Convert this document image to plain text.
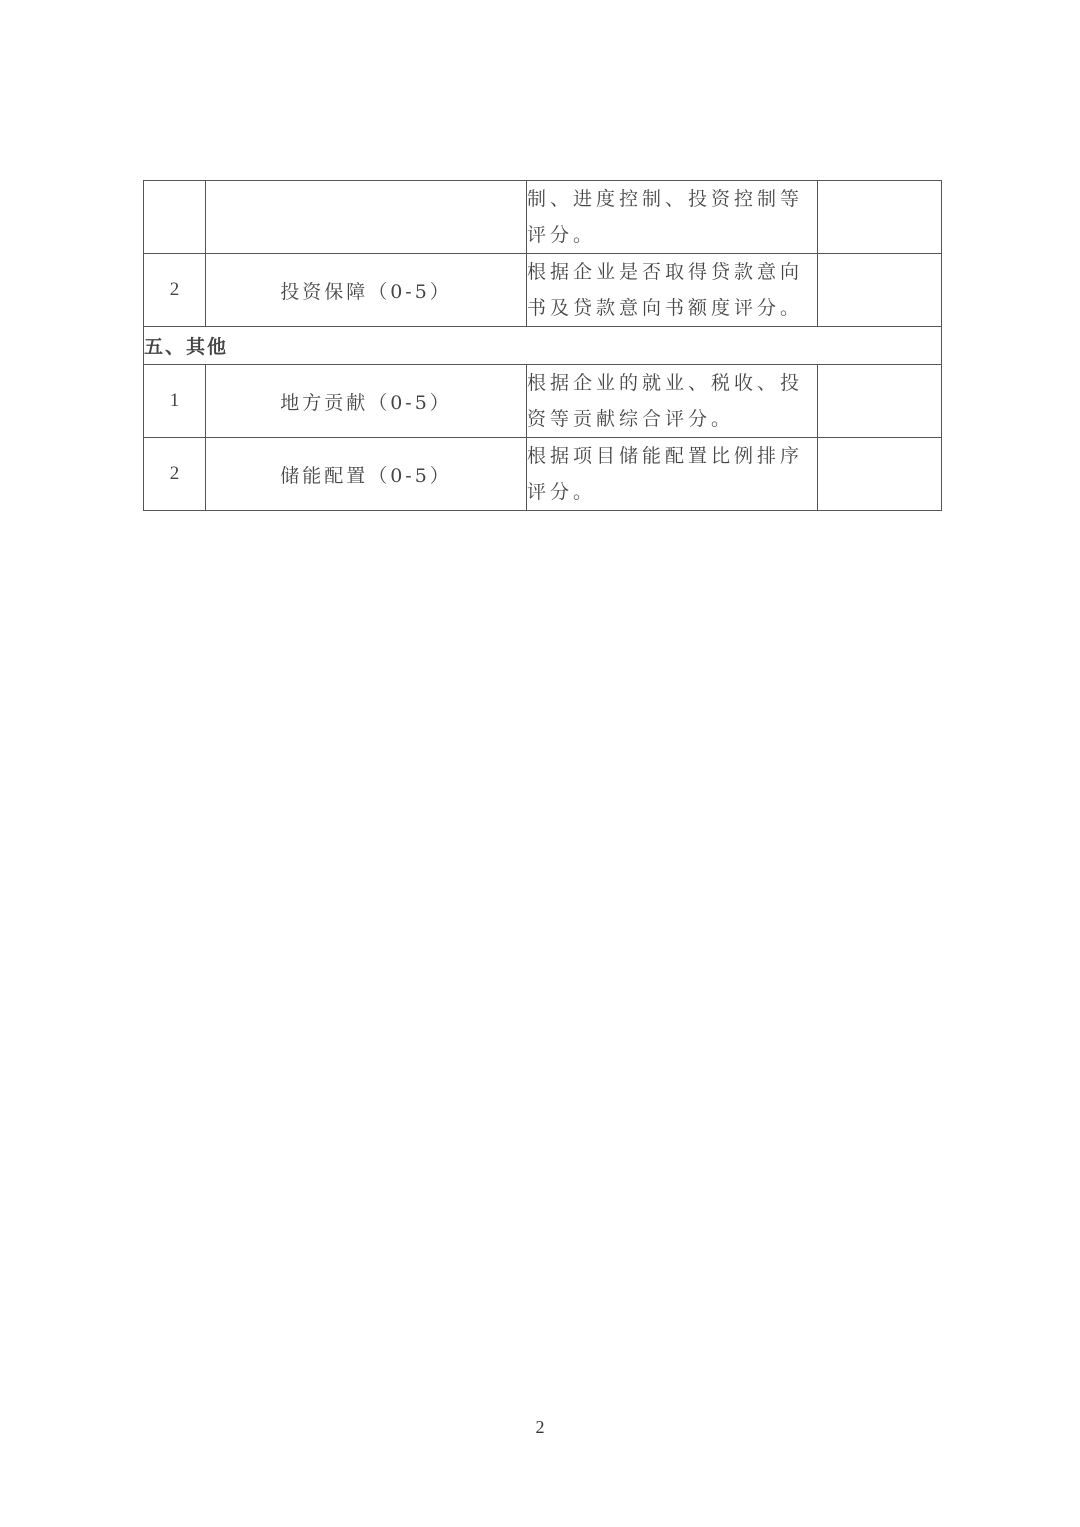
		制、进度控制、投资控制等
评分。	

2	投资保障（0-5）	根据企业是否取得贷款意向
书及贷款意向书额度评分。	

五、其他			
1	地方贡献（0-5）	根据企业的就业、税收、投
资等贡献综合评分。	

2	储能配置（0-5）	根据项目储能配置比例排序
评分。	

2
